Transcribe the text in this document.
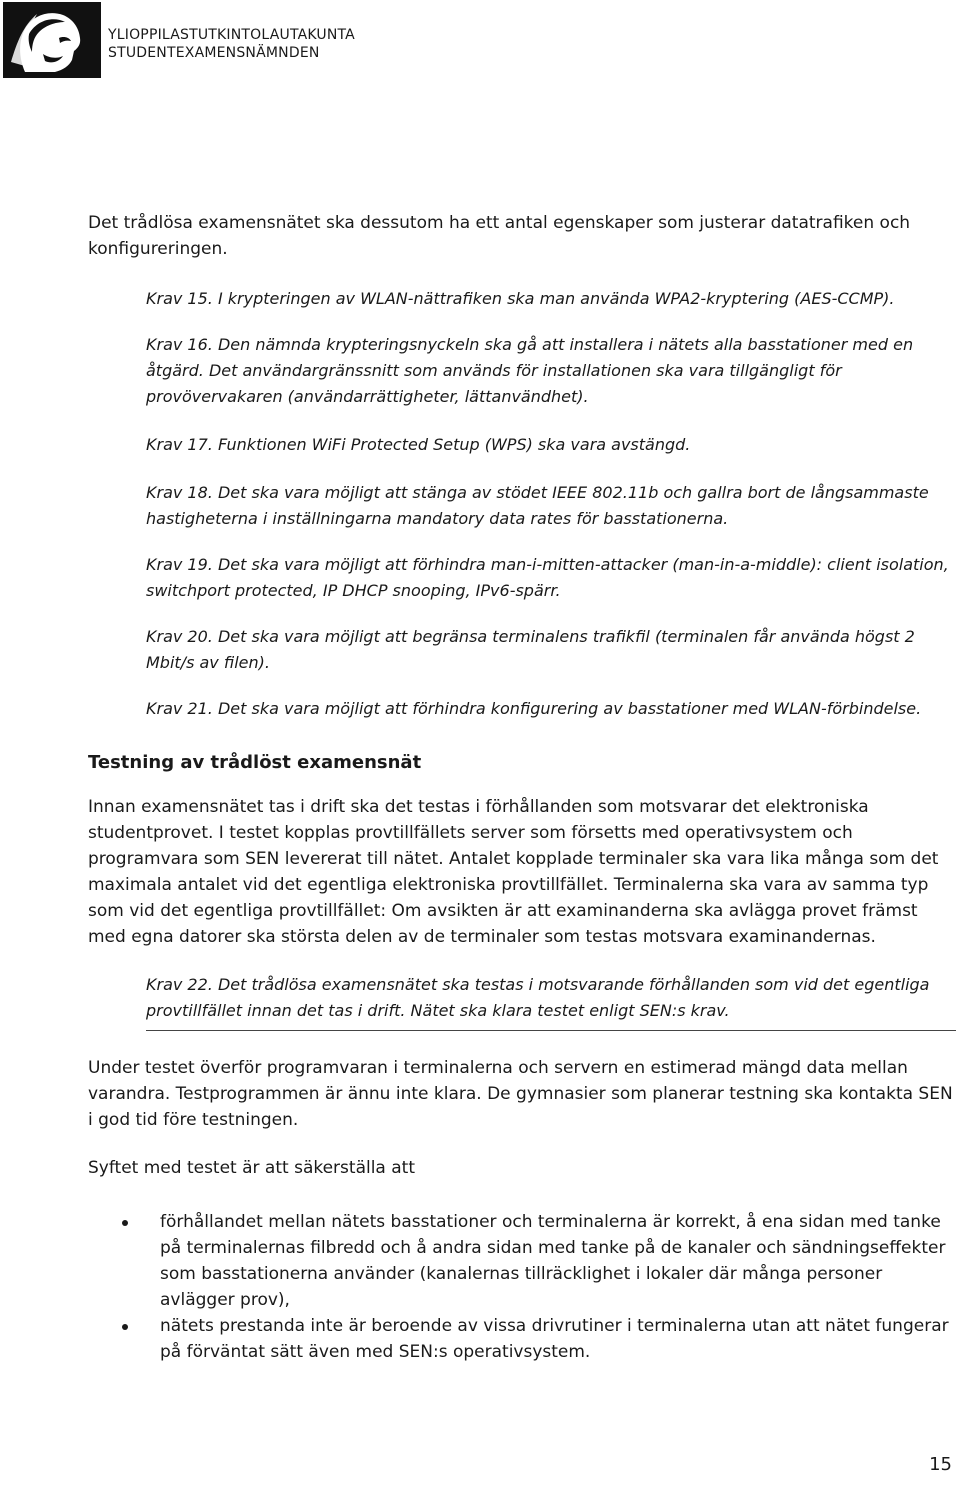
YLIOPPILASTUTKINTOLAUTAKUNTA
STUDENTEXAMENSNÄMNDEN

Det trådlösa examensnätet ska dessutom ha ett antal egenskaper som justerar datatrafiken och konfigureringen.

Krav 15. I krypteringen av WLAN-nättrafiken ska man använda WPA2-kryptering (AES-CCMP).

Krav 16. Den nämnda krypteringsnyckeln ska gå att installera i nätets alla basstationer med en åtgärd. Det användargränssnitt som används för installationen ska vara tillgängligt för provövervakaren (användarrättigheter, lättanvändhet).

Krav 17. Funktionen WiFi Protected Setup (WPS) ska vara avstängd.

Krav 18. Det ska vara möjligt att stänga av stödet IEEE 802.11b och gallra bort de långsammaste hastigheterna i inställningarna mandatory data rates för basstationerna.

Krav 19. Det ska vara möjligt att förhindra man-i-mitten-attacker (man-in-a-middle): client isolation, switchport protected, IP DHCP snooping, IPv6-spärr.

Krav 20. Det ska vara möjligt att begränsa terminalens trafikfil (terminalen får använda högst 2 Mbit/s av filen).

Krav 21. Det ska vara möjligt att förhindra konfigurering av basstationer med WLAN-förbindelse.

Testning av trådlöst examensnät

Innan examensnätet tas i drift ska det testas i förhållanden som motsvarar det elektroniska studentprovet. I testet kopplas provtillfällets server som försetts med operativsystem och programvara som SEN levererat till nätet. Antalet kopplade terminaler ska vara lika många som det maximala antalet vid det egentliga elektroniska provtillfället. Terminalerna ska vara av samma typ som vid det egentliga provtillfället: Om avsikten är att examinanderna ska avlägga provet främst med egna datorer ska största delen av de terminaler som testas motsvara examinandernas.

Krav 22. Det trådlösa examensnätet ska testas i motsvarande förhållanden som vid det egentliga provtillfället innan det tas i drift. Nätet ska klara testet enligt SEN:s krav.

Under testet överför programvaran i terminalerna och servern en estimerad mängd data mellan varandra. Testprogrammen är ännu inte klara. De gymnasier som planerar testning ska kontakta SEN i god tid före testningen.

Syftet med testet är att säkerställa att

förhållandet mellan nätets basstationer och terminalerna är korrekt, å ena sidan med tanke på terminalernas filbredd och å andra sidan med tanke på de kanaler och sändningseffekter som basstationerna använder (kanalernas tillräcklighet i lokaler där många personer avlägger prov),
nätets prestanda inte är beroende av vissa drivrutiner i terminalerna utan att nätet fungerar på förväntat sätt även med SEN:s operativsystem.
15
